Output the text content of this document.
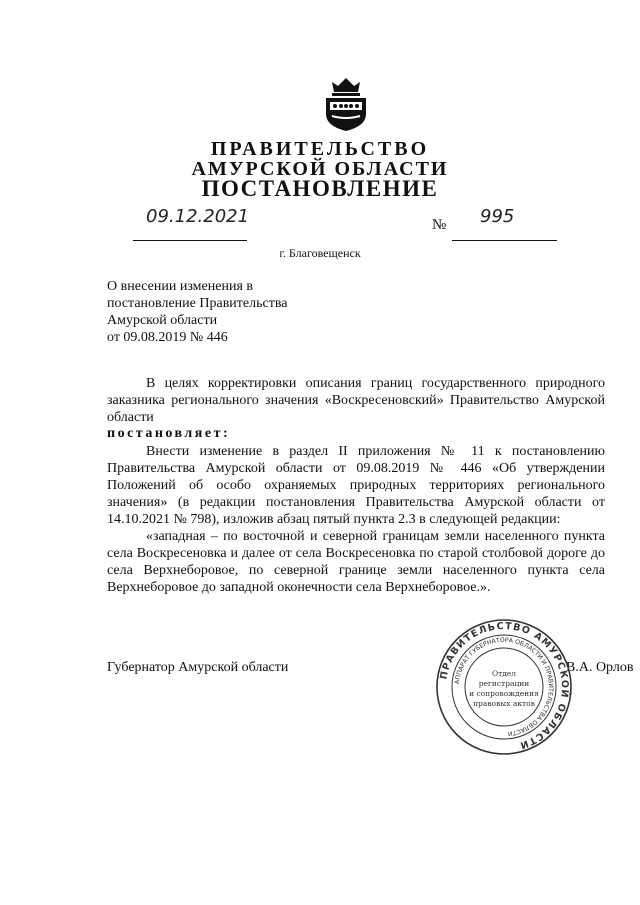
ПРАВИТЕЛЬСТВО
АМУРСКОЙ ОБЛАСТИ
ПОСТАНОВЛЕНИЕ
09.12.2021	№ 995
г. Благовещенск
О внесении изменения в
постановление Правительства
Амурской области
от 09.08.2019 № 446
В целях корректировки описания границ государственного природного заказника регионального значения «Воскресеновский» Правительство Амурской области
постановляет:
Внести изменение в раздел II приложения № 11 к постановлению Правительства Амурской области от 09.08.2019 № 446 «Об утверждении Положений об особо охраняемых природных территориях регионального значения» (в редакции постановления Правительства Амурской области от 14.10.2021 № 798), изложив абзац пятый пункта 2.3 в следующей редакции:
«западная – по восточной и северной границам земли населенного пункта села Воскресеновка и далее от села Воскресеновка по старой столбовой дороге до села Верхнеборовое, по северной границе земли населенного пункта села Верхнеборовое до западной оконечности села Верхнеборовое.».
Губернатор Амурской области	В.А. Орлов
ПРАВИТЕЛЬСТВО АМУРСКОЙ ОБЛАСТИ
АППАРАТ ГУБЕРНАТОРА ОБЛАСТИ И ПРАВИТЕЛЬСТВА ОБЛАСТИ
Отдел
регистрации
и сопровождения
правовых актов
